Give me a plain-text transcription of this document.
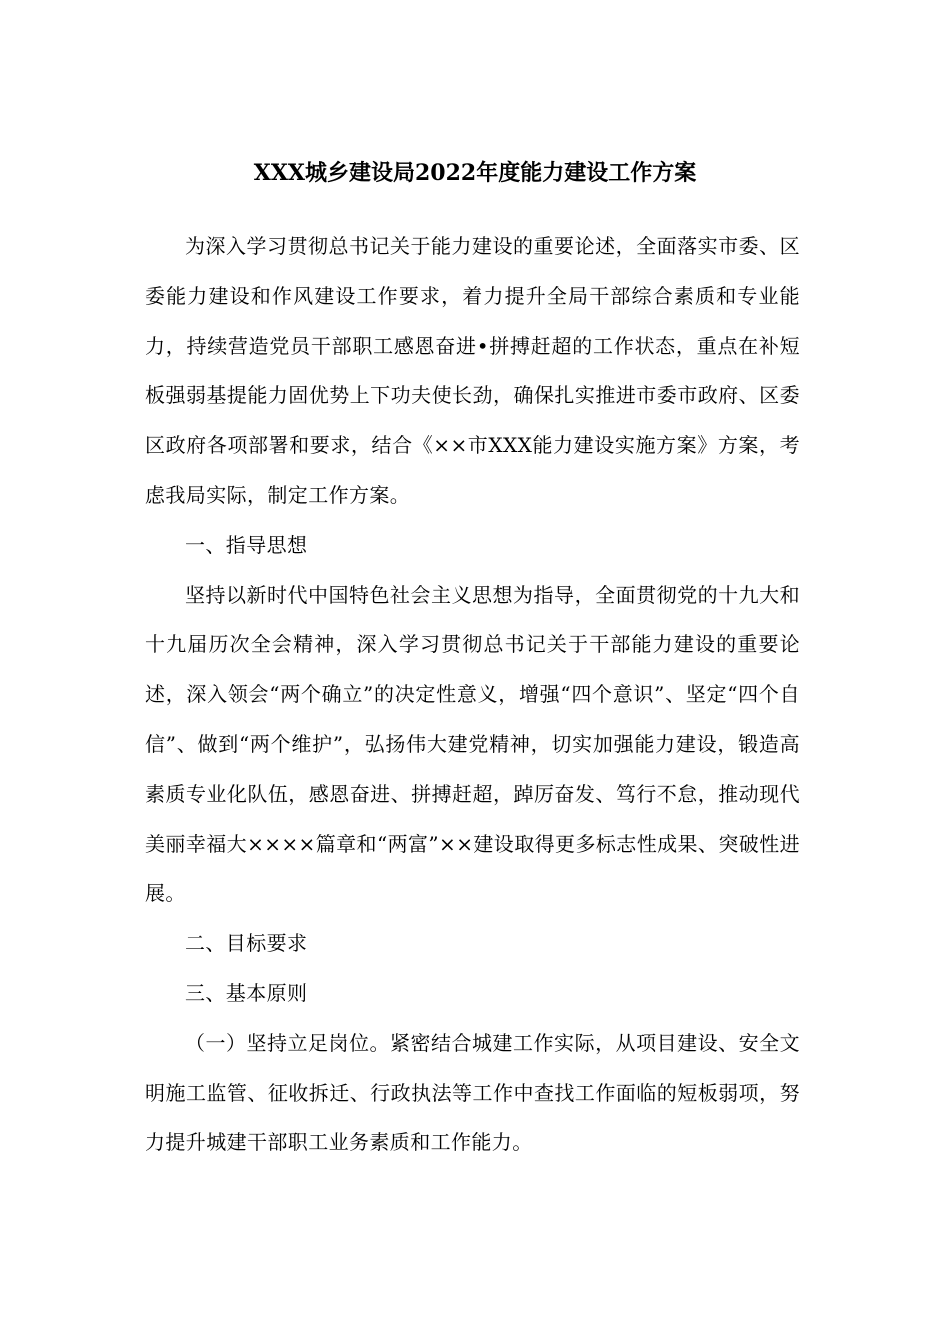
XXX城乡建设局2022年度能力建设工作方案

为深入学习贯彻总书记关于能力建设的重要论述，全面落实市委、区委能力建设和作风建设工作要求，着力提升全局干部综合素质和专业能力，持续营造党员干部职工感恩奋进•拼搏赶超的工作状态，重点在补短板强弱基提能力固优势上下功夫使长劲，确保扎实推进市委市政府、区委区政府各项部署和要求，结合《××市XXX能力建设实施方案》方案，考虑我局实际，制定工作方案。

一、指导思想

坚持以新时代中国特色社会主义思想为指导，全面贯彻党的十九大和十九届历次全会精神，深入学习贯彻总书记关于干部能力建设的重要论述，深入领会“两个确立”的决定性意义，增强“四个意识”、坚定“四个自信”、做到“两个维护”，弘扬伟大建党精神，切实加强能力建设，锻造高素质专业化队伍，感恩奋进、拼搏赶超，踔厉奋发、笃行不怠，推动现代美丽幸福大××××篇章和“两富”××建设取得更多标志性成果、突破性进展。

二、目标要求

三、基本原则

（一）坚持立足岗位。紧密结合城建工作实际，从项目建设、安全文明施工监管、征收拆迁、行政执法等工作中查找工作面临的短板弱项，努力提升城建干部职工业务素质和工作能力。
